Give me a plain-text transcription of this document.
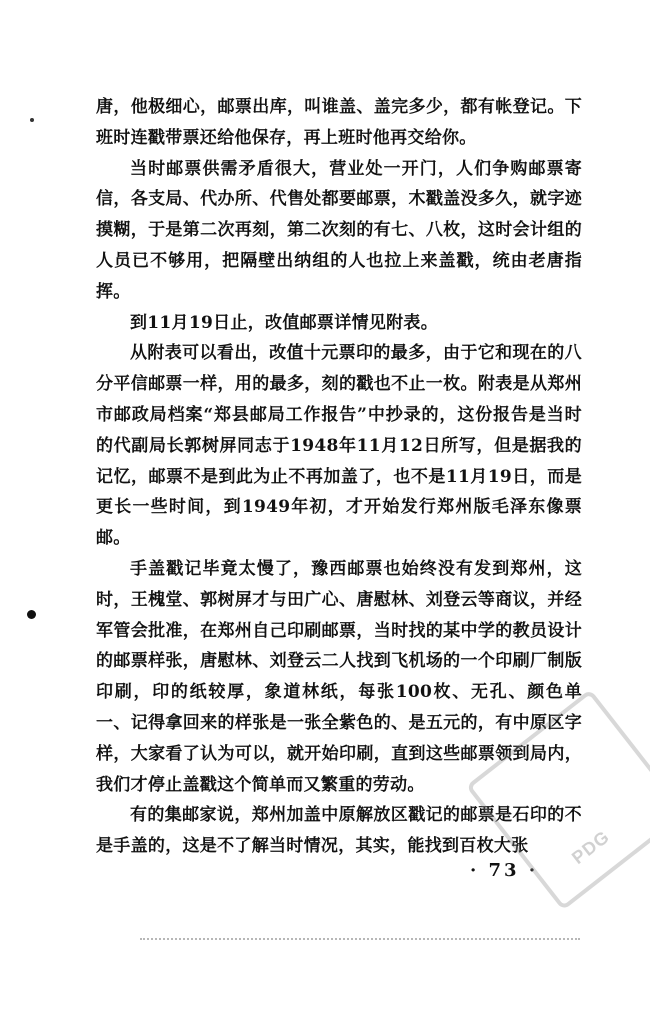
唐，他极细心，邮票出库，叫谁盖、盖完多少，都有帐登记。下班时连戳带票还给他保存，再上班时他再交给你。

当时邮票供需矛盾很大，营业处一开门，人们争购邮票寄信，各支局、代办所、代售处都要邮票，木戳盖没多久，就字迹摸糊，于是第二次再刻，第二次刻的有七、八枚，这时会计组的人员已不够用，把隔壁出纳组的人也拉上来盖戳，统由老唐指挥。

到11月19日止，改值邮票详情见附表。

从附表可以看出，改值十元票印的最多，由于它和现在的八分平信邮票一样，用的最多，刻的戳也不止一枚。附表是从郑州市邮政局档案“郑县邮局工作报告”中抄录的，这份报告是当时的代副局长郭树屏同志于1948年11月12日所写，但是据我的记忆，邮票不是到此为止不再加盖了，也不是11月19日，而是更长一些时间，到1949年初，才开始发行郑州版毛泽东像票邮。

手盖戳记毕竟太慢了，豫西邮票也始终没有发到郑州，这时，王槐堂、郭树屏才与田广心、唐慰林、刘登云等商议，并经军管会批准，在郑州自己印刷邮票，当时找的某中学的教员设计的邮票样张，唐慰林、刘登云二人找到飞机场的一个印刷厂制版印刷，印的纸较厚，象道林纸，每张100枚、无孔、颜色单一、记得拿回来的样张是一张全紫色的、是五元的，有中原区字样，大家看了认为可以，就开始印刷，直到这些邮票领到局内，我们才停止盖戳这个简单而又繁重的劳动。

有的集邮家说，郑州加盖中原解放区戳记的邮票是石印的不是手盖的，这是不了解当时情况，其实，能找到百枚大张

· 73 ·
PDG
